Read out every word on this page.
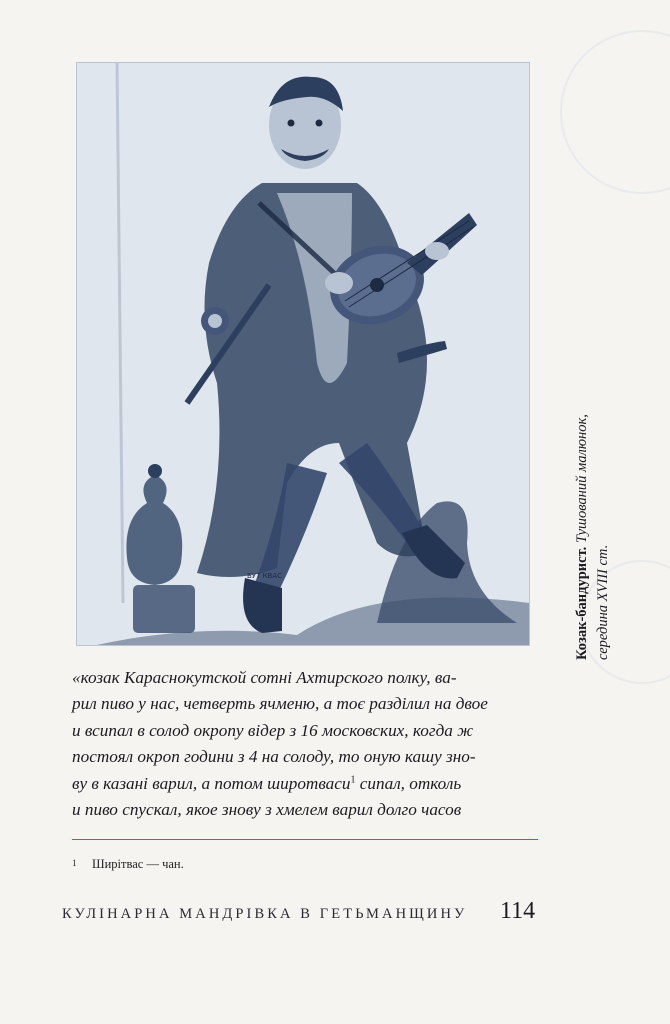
БУТ КВАС	Козак-бандурист. Тушований малюнок,
середина XVIII ст.

«козак Караснокутской сотні Ахтирского полку, ва-

рил пиво у нас, четверть ячменю, а тоє разділил на двое

и всипал в солод окропу відер з 16 московских, когда ж

постоял окроп години з 4 на солоду, то оную кашу зно-

ву в казані варил, а потом широтваси$^1$ сипал, отколь

и пиво спускал, якое знову з хмелем варил долго часов

1 Ширітвас — чан.
КУЛІНАРНА МАНДРІВКА В ГЕТЬМАНЩИНУ 114
